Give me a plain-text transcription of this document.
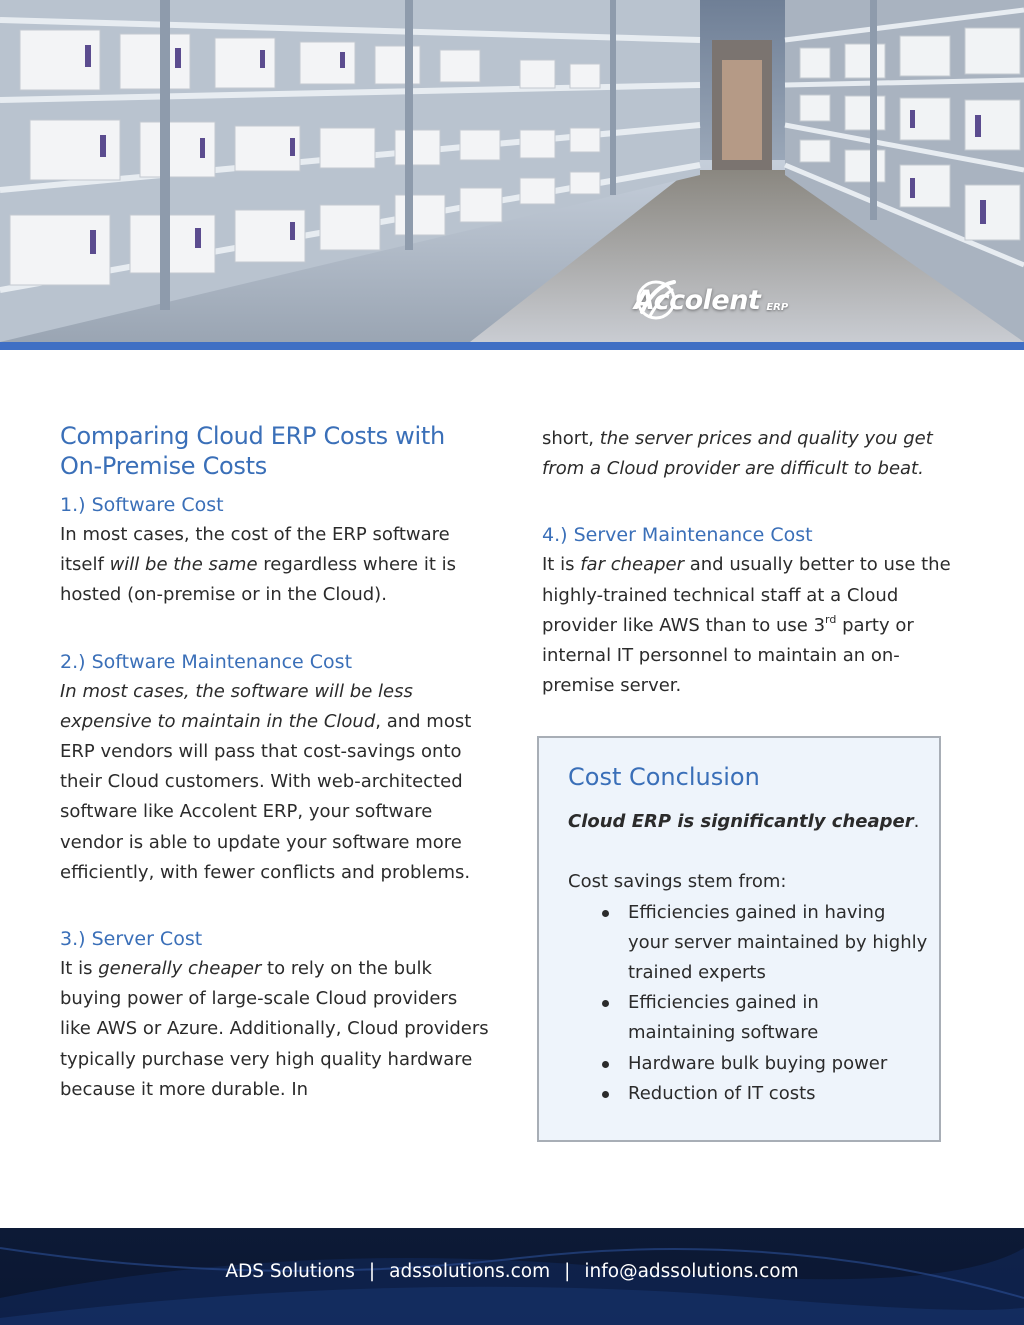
Accolent ERP
Comparing Cloud ERP Costs with On-Premise Costs
1.) Software Cost

In most cases, the cost of the ERP software itself will be the same regardless where it is hosted (on-premise or in the Cloud).

2.) Software Maintenance Cost

In most cases, the software will be less expensive to maintain in the Cloud, and most ERP vendors will pass that cost-savings onto their Cloud customers. With web-architected software like Accolent ERP, your software vendor is able to update your software more efficiently, with fewer conflicts and problems.

3.) Server Cost

It is generally cheaper to rely on the bulk buying power of large-scale Cloud providers like AWS or Azure. Additionally, Cloud providers typically purchase very high quality hardware because it more durable. In

short, the server prices and quality you get from a Cloud provider are difficult to beat.

4.) Server Maintenance Cost

It is far cheaper and usually better to use the highly-trained technical staff at a Cloud provider like AWS than to use 3rd party or internal IT personnel to maintain an on-premise server.

Cost Conclusion

Cloud ERP is significantly cheaper.

Cost savings stem from:

Efficiencies gained in having your server maintained by highly trained experts
Efficiencies gained in maintaining software
Hardware bulk buying power
Reduction of IT costs
ADS Solutions | adssolutions.com | info@adssolutions.com
